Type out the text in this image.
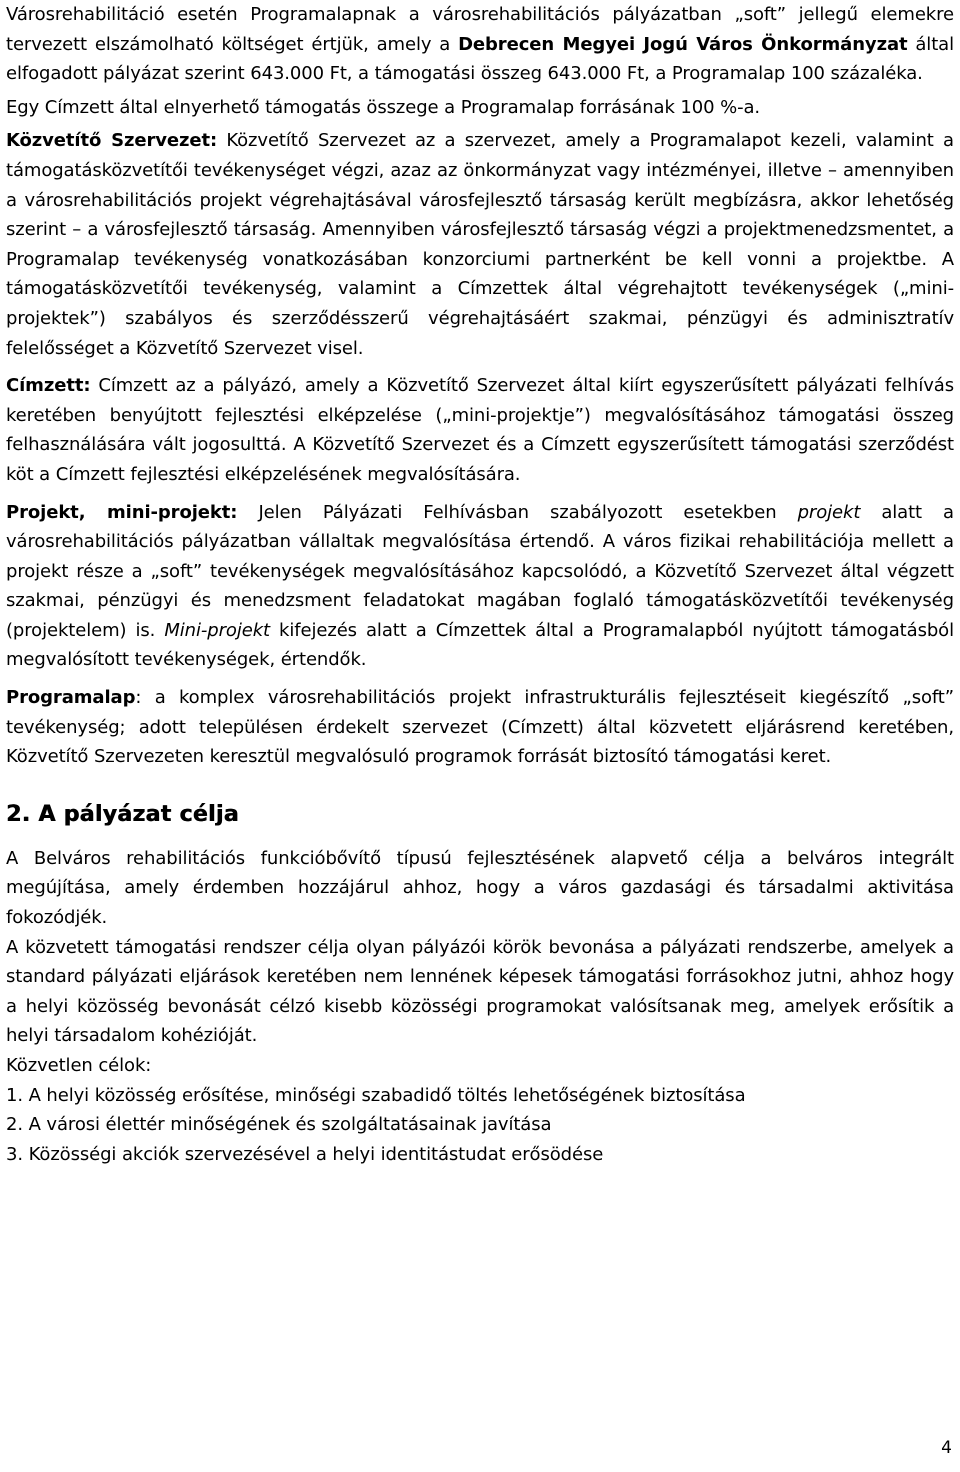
Városrehabilitáció esetén Programalapnak a városrehabilitációs pályázatban „soft” jellegű elemekre tervezett elszámolható költséget értjük, amely a Debrecen Megyei Jogú Város Önkormányzat által elfogadott pályázat szerint 643.000 Ft, a támogatási összeg 643.000 Ft, a Programalap 100 százaléka.

Egy Címzett által elnyerhető támogatás összege a Programalap forrásának 100 %-a.

Közvetítő Szervezet: Közvetítő Szervezet az a szervezet, amely a Programalapot kezeli, valamint a támogatásközvetítői tevékenységet végzi, azaz az önkormányzat vagy intézményei, illetve – amennyiben a városrehabilitációs projekt végrehajtásával városfejlesztő társaság került megbízásra, akkor lehetőség szerint – a városfejlesztő társaság. Amennyiben városfejlesztő társaság végzi a projektmenedzsmentet, a Programalap tevékenység vonatkozásában konzorciumi partnerként be kell vonni a projektbe. A támogatásközvetítői tevékenység, valamint a Címzettek által végrehajtott tevékenységek („mini-projektek”) szabályos és szerződésszerű végrehajtásáért szakmai, pénzügyi és adminisztratív felelősséget a Közvetítő Szervezet visel.

Címzett: Címzett az a pályázó, amely a Közvetítő Szervezet által kiírt egyszerűsített pályázati felhívás keretében benyújtott fejlesztési elképzelése („mini-projektje”) megvalósításához támogatási összeg felhasználására vált jogosulttá. A Közvetítő Szervezet és a Címzett egyszerűsített támogatási szerződést köt a Címzett fejlesztési elképzelésének megvalósítására.

Projekt, mini-projekt: Jelen Pályázati Felhívásban szabályozott esetekben projekt alatt a városrehabilitációs pályázatban vállaltak megvalósítása értendő. A város fizikai rehabilitációja mellett a projekt része a „soft” tevékenységek megvalósításához kapcsolódó, a Közvetítő Szervezet által végzett szakmai, pénzügyi és menedzsment feladatokat magában foglaló támogatásközvetítői tevékenység (projektelem) is. Mini-projekt kifejezés alatt a Címzettek által a Programalapból nyújtott támogatásból megvalósított tevékenységek, értendők.

Programalap: a komplex városrehabilitációs projekt infrastrukturális fejlesztéseit kiegészítő „soft” tevékenység; adott településen érdekelt szervezet (Címzett) által közvetett eljárásrend keretében, Közvetítő Szervezeten keresztül megvalósuló programok forrását biztosító támogatási keret.

2. A pályázat célja

A Belváros rehabilitációs funkcióbővítő típusú fejlesztésének alapvető célja a belváros integrált megújítása, amely érdemben hozzájárul ahhoz, hogy a város gazdasági és társadalmi aktivitása fokozódjék.

A közvetett támogatási rendszer célja olyan pályázói körök bevonása a pályázati rendszerbe, amelyek a standard pályázati eljárások keretében nem lennének képesek támogatási forrásokhoz jutni, ahhoz hogy a helyi közösség bevonását célzó kisebb közösségi programokat valósítsanak meg, amelyek erősítik a helyi társadalom kohézióját.

Közvetlen célok:

1. A helyi közösség erősítése, minőségi szabadidő töltés lehetőségének biztosítása

2. A városi élettér minőségének és szolgáltatásainak javítása

3. Közösségi akciók szervezésével a helyi identitástudat erősödése

4
